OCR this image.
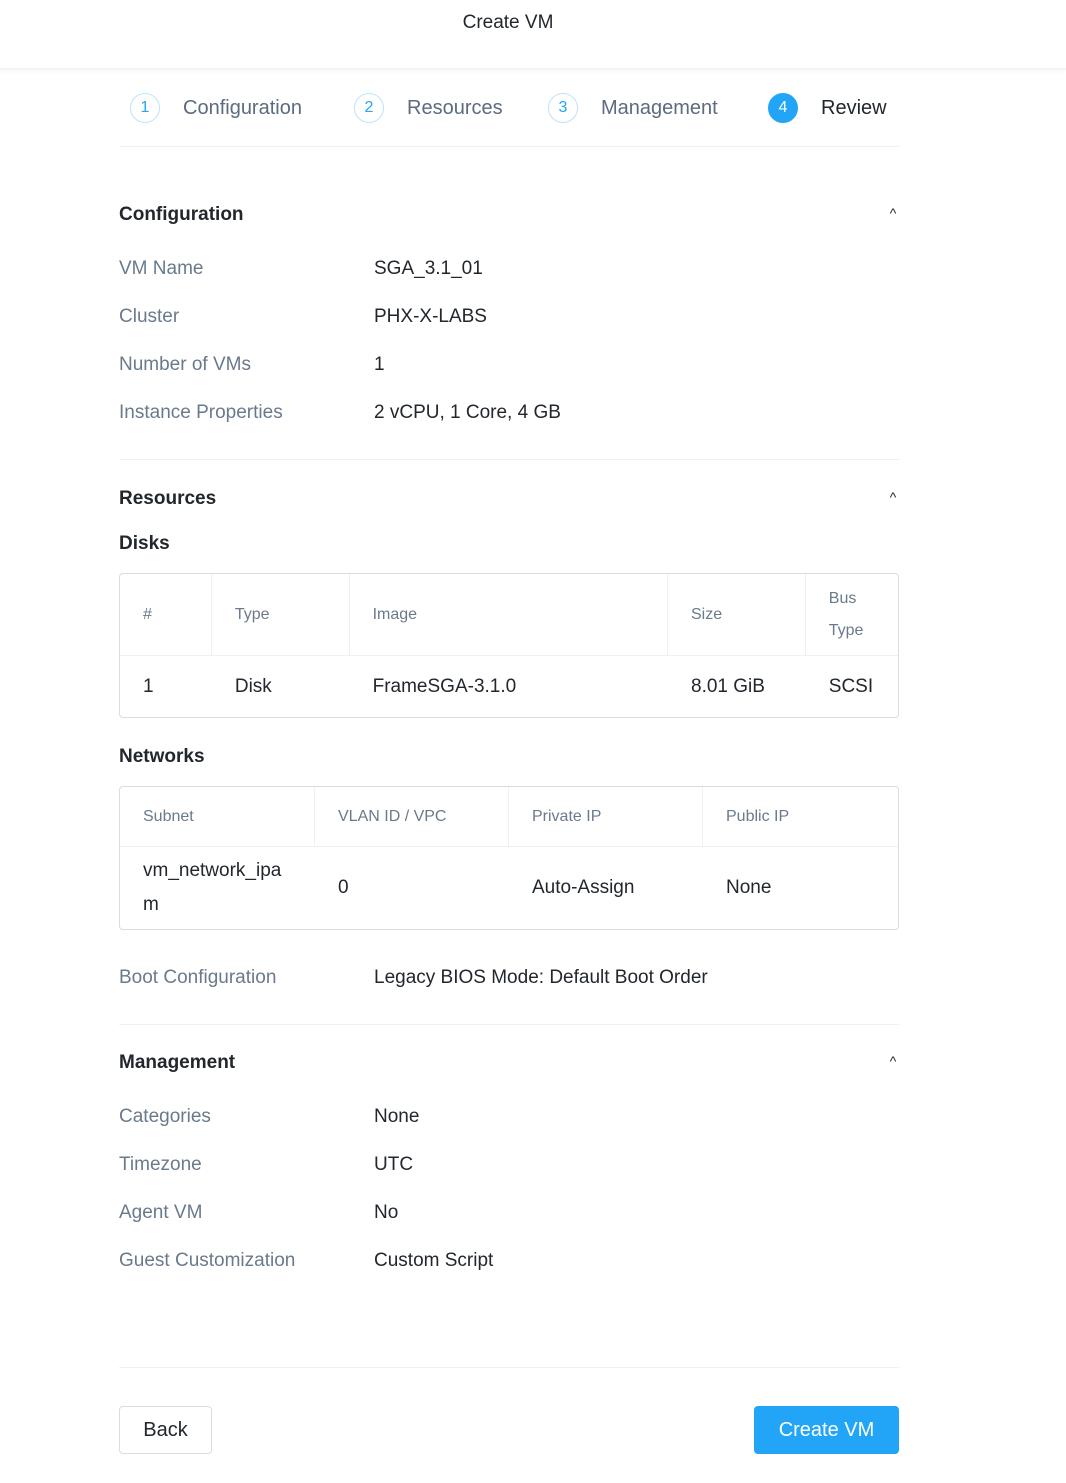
Create VM
1	Configuration	2	Resources	3	Management	4	Review
Configuration	^
VM Name	SGA_3.1_01
Cluster	PHX-X-LABS
Number of VMs	1
Instance Properties	2 vCPU, 1 Core, 4 GB
Resources	^
Disks
#	Type	Image	Size	Bus Type
1	Disk	FrameSGA-3.1.0	8.01 GiB	SCSI
Networks
Subnet	VLAN ID / VPC	Private IP	Public IP
vm_network_ipam	0	Auto-Assign	None
Boot Configuration	Legacy BIOS Mode: Default Boot Order
Management	^
Categories	None
Timezone	UTC
Agent VM	No
Guest Customization	Custom Script
Back	Create VM
